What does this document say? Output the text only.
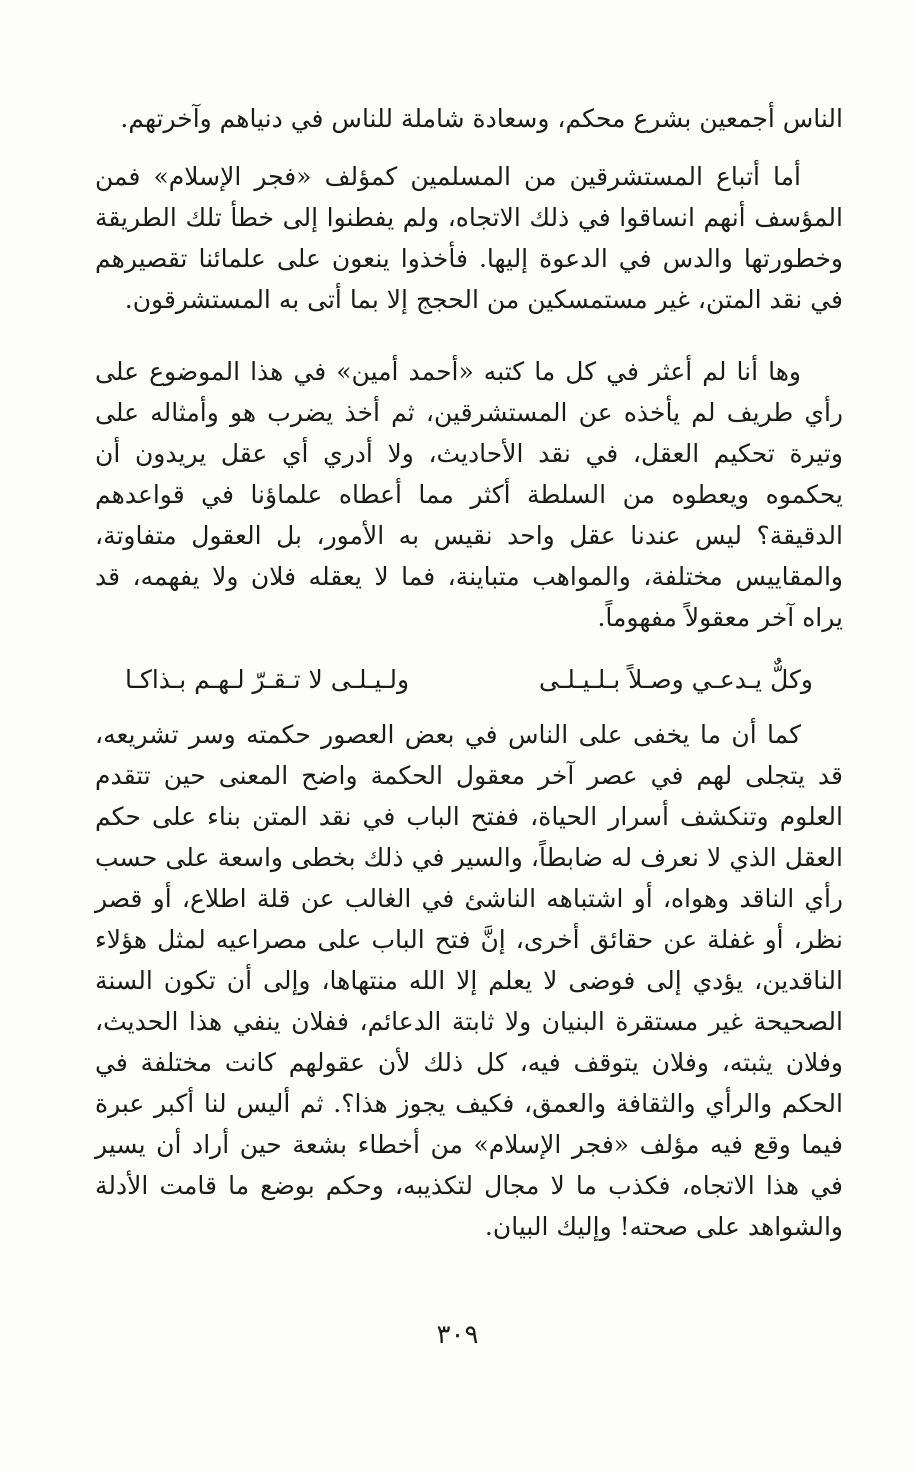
الناس أجمعين بشرع محكم، وسعادة شاملة للناس في دنياهم وآخرتهم.

أما أتباع المستشرقين من المسلمين كمؤلف «فجر الإسلام» فمن المؤسف أنهم انساقوا في ذلك الاتجاه، ولم يفطنوا إلى خطأ تلك الطريقة وخطورتها والدس في الدعوة إليها. فأخذوا ينعون على علمائنا تقصيرهم في نقد المتن، غير مستمسكين من الحجج إلا بما أتى به المستشرقون.

وها أنا لم أعثر في كل ما كتبه «أحمد أمين» في هذا الموضوع على رأي طريف لم يأخذه عن المستشرقين، ثم أخذ يضرب هو وأمثاله على وتيرة تحكيم العقل، في نقد الأحاديث، ولا أدري أي عقل يريدون أن يحكموه ويعطوه من السلطة أكثر مما أعطاه علماؤنا في قواعدهم الدقيقة؟ ليس عندنا عقل واحد نقيس به الأمور، بل العقول متفاوتة، والمقاييس مختلفة، والمواهب متباينة، فما لا يعقله فلان ولا يفهمه، قد يراه آخر معقولاً مفهوماً.

وكلٌّ يـدعـي وصـلاً بـلـيـلـى
ولـيـلـى لا تـقـرّ لـهـم بـذاكـا

كما أن ما يخفى على الناس في بعض العصور حكمته وسر تشريعه، قد يتجلى لهم في عصر آخر معقول الحكمة واضح المعنى حين تتقدم العلوم وتنكشف أسرار الحياة، ففتح الباب في نقد المتن بناء على حكم العقل الذي لا نعرف له ضابطاً، والسير في ذلك بخطى واسعة على حسب رأي الناقد وهواه، أو اشتباهه الناشئ في الغالب عن قلة اطلاع، أو قصر نظر، أو غفلة عن حقائق أخرى، إنَّ فتح الباب على مصراعيه لمثل هؤلاء الناقدين، يؤدي إلى فوضى لا يعلم إلا الله منتهاها، وإلى أن تكون السنة الصحيحة غير مستقرة البنيان ولا ثابتة الدعائم، ففلان ينفي هذا الحديث، وفلان يثبته، وفلان يتوقف فيه، كل ذلك لأن عقولهم كانت مختلفة في الحكم والرأي والثقافة والعمق، فكيف يجوز هذا؟. ثم أليس لنا أكبر عبرة فيما وقع فيه مؤلف «فجر الإسلام» من أخطاء بشعة حين أراد أن يسير في هذا الاتجاه، فكذب ما لا مجال لتكذيبه، وحكم بوضع ما قامت الأدلة والشواهد على صحته! وإليك البيان.

٣٠٩
